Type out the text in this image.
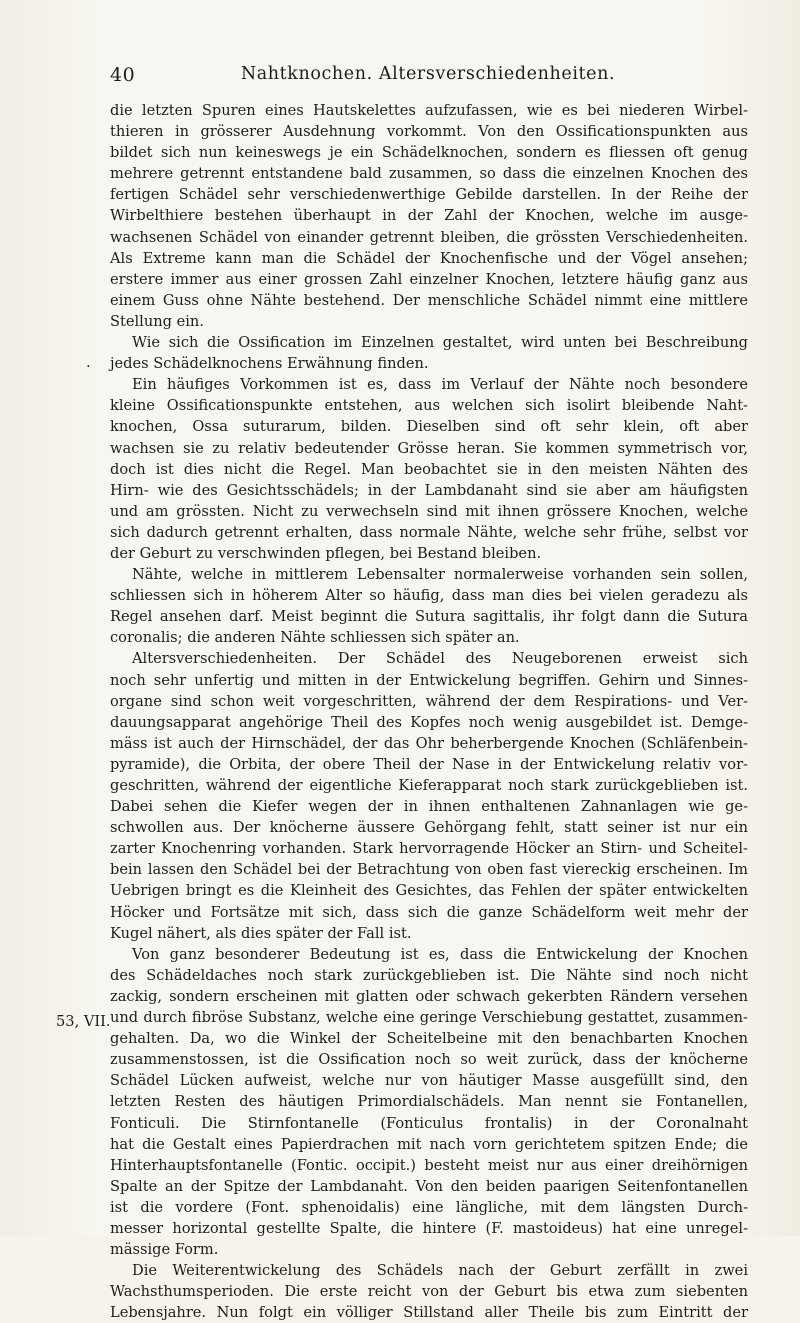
40	Nahtknochen. Altersverschiedenheiten.
.
53, VII.
die letzten Spuren eines Hautskelettes aufzufassen, wie es bei niederen Wirbel-
thieren in grösserer Ausdehnung vorkommt. Von den Ossificationspunkten aus
bildet sich nun keineswegs je ein Schädelknochen, sondern es fliessen oft genug
mehrere getrennt entstandene bald zusammen, so dass die einzelnen Knochen des
fertigen Schädel sehr verschiedenwerthige Gebilde darstellen. In der Reihe der
Wirbelthiere bestehen überhaupt in der Zahl der Knochen, welche im ausge-
wachsenen Schädel von einander getrennt bleiben, die grössten Verschiedenheiten.
Als Extreme kann man die Schädel der Knochenfische und der Vögel ansehen;
erstere immer aus einer grossen Zahl einzelner Knochen, letztere häufig ganz aus
einem Guss ohne Nähte bestehend. Der menschliche Schädel nimmt eine mittlere
Stellung ein.
Wie sich die Ossification im Einzelnen gestaltet, wird unten bei Beschreibung
jedes Schädelknochens Erwähnung finden.
Ein häufiges Vorkommen ist es, dass im Verlauf der Nähte noch besondere
kleine Ossificationspunkte entstehen, aus welchen sich isolirt bleibende Naht-
knochen, Ossa suturarum, bilden. Dieselben sind oft sehr klein, oft aber
wachsen sie zu relativ bedeutender Grösse heran. Sie kommen symmetrisch vor,
doch ist dies nicht die Regel. Man beobachtet sie in den meisten Nähten des
Hirn- wie des Gesichtsschädels; in der Lambdanaht sind sie aber am häufigsten
und am grössten. Nicht zu verwechseln sind mit ihnen grössere Knochen, welche
sich dadurch getrennt erhalten, dass normale Nähte, welche sehr frühe, selbst vor
der Geburt zu verschwinden pflegen, bei Bestand bleiben.
Nähte, welche in mittlerem Lebensalter normalerweise vorhanden sein sollen,
schliessen sich in höherem Alter so häufig, dass man dies bei vielen geradezu als
Regel ansehen darf. Meist beginnt die Sutura sagittalis, ihr folgt dann die Sutura
coronalis; die anderen Nähte schliessen sich später an.
Altersverschiedenheiten. Der Schädel des Neugeborenen erweist sich
noch sehr unfertig und mitten in der Entwickelung begriffen. Gehirn und Sinnes-
organe sind schon weit vorgeschritten, während der dem Respirations- und Ver-
dauungsapparat angehörige Theil des Kopfes noch wenig ausgebildet ist. Demge-
mäss ist auch der Hirnschädel, der das Ohr beherbergende Knochen (Schläfenbein-
pyramide), die Orbita, der obere Theil der Nase in der Entwickelung relativ vor-
geschritten, während der eigentliche Kieferapparat noch stark zurückgeblieben ist.
Dabei sehen die Kiefer wegen der in ihnen enthaltenen Zahnanlagen wie ge-
schwollen aus. Der knöcherne äussere Gehörgang fehlt, statt seiner ist nur ein
zarter Knochenring vorhanden. Stark hervorragende Höcker an Stirn- und Scheitel-
bein lassen den Schädel bei der Betrachtung von oben fast viereckig erscheinen. Im
Uebrigen bringt es die Kleinheit des Gesichtes, das Fehlen der später entwickelten
Höcker und Fortsätze mit sich, dass sich die ganze Schädelform weit mehr der
Kugel nähert, als dies später der Fall ist.
Von ganz besonderer Bedeutung ist es, dass die Entwickelung der Knochen
des Schädeldaches noch stark zurückgeblieben ist. Die Nähte sind noch nicht
zackig, sondern erscheinen mit glatten oder schwach gekerbten Rändern versehen
und durch fibröse Substanz, welche eine geringe Verschiebung gestattet, zusammen-
gehalten. Da, wo die Winkel der Scheitelbeine mit den benachbarten Knochen
zusammenstossen, ist die Ossification noch so weit zurück, dass der knöcherne
Schädel Lücken aufweist, welche nur von häutiger Masse ausgefüllt sind, den
letzten Resten des häutigen Primordialschädels. Man nennt sie Fontanellen,
Fonticuli. Die Stirnfontanelle (Fonticulus frontalis) in der Coronalnaht
hat die Gestalt eines Papierdrachen mit nach vorn gerichtetem spitzen Ende; die
Hinterhauptsfontanelle (Fontic. occipit.) besteht meist nur aus einer dreihörnigen
Spalte an der Spitze der Lambdanaht. Von den beiden paarigen Seitenfontanellen
ist die vordere (Font. sphenoidalis) eine längliche, mit dem längsten Durch-
messer horizontal gestellte Spalte, die hintere (F. mastoideus) hat eine unregel-
mässige Form.
Die Weiterentwickelung des Schädels nach der Geburt zerfällt in zwei
Wachsthumsperioden. Die erste reicht von der Geburt bis etwa zum siebenten
Lebensjahre. Nun folgt ein völliger Stillstand aller Theile bis zum Eintritt der
